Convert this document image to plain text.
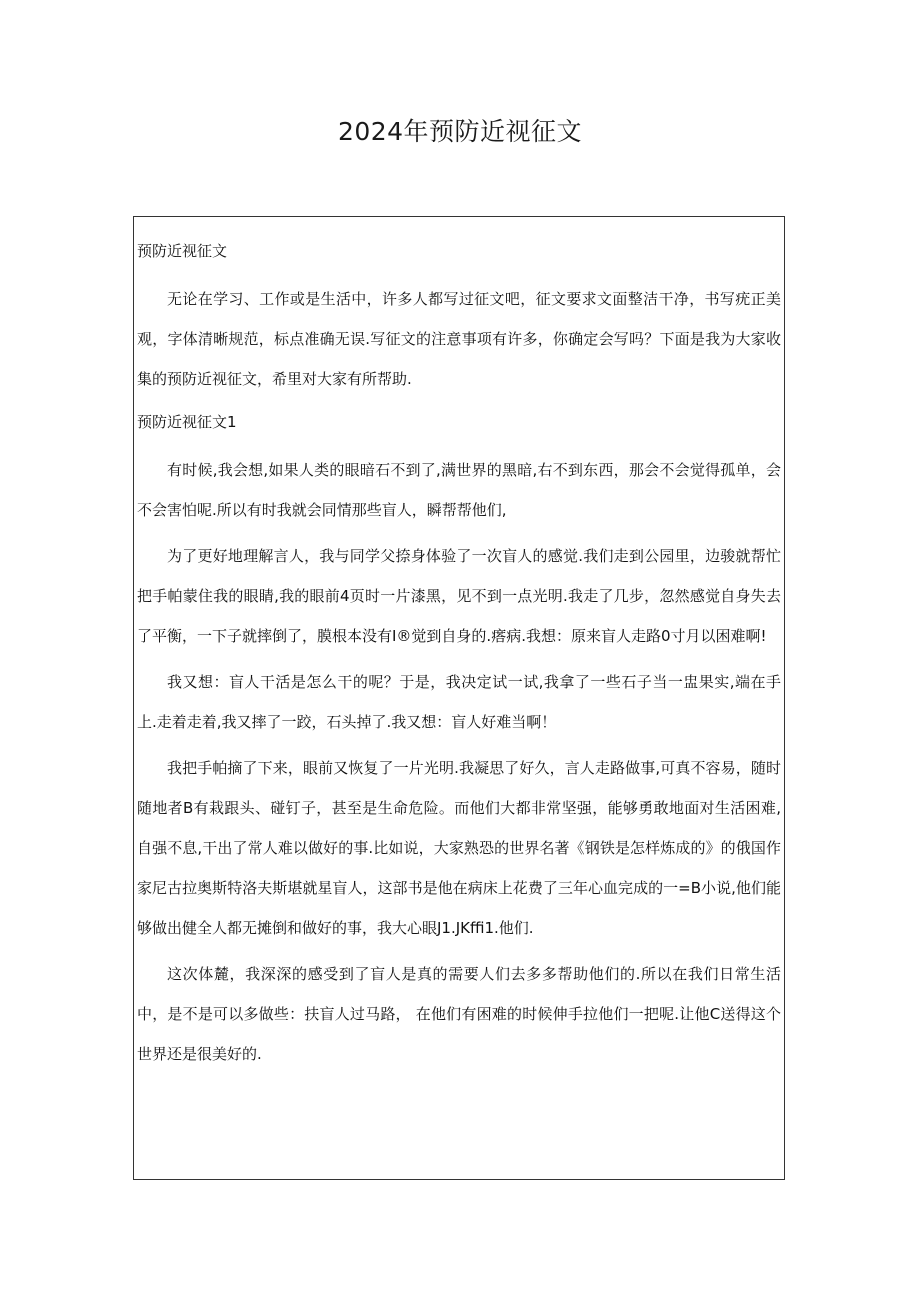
2024年预防近视征文
预防近视征文

无论在学习、工作或是生活中，许多人都写过征文吧，征文要求文面整洁干净，书写疣正美观，字体清晰规范，标点准确无误.写征文的注意事项有许多，你确定会写吗？下面是我为大家收集的预防近视征文，希里对大家有所帮助.

预防近视征文1

有时候,我会想,如果人类的眼暗石不到了,满世界的黑暗,右不到东西，那会不会觉得孤单，会不会害怕呢.所以有时我就会同情那些盲人，瞬帮帮他们,

为了更好地理解言人，我与同学父捺身体验了一次盲人的感觉.我们走到公园里，边骏就帮忙把手帕蒙住我的眼睛,我的眼前4页时一片漆黑，见不到一点光明.我走了几步，忽然感觉自身失去了平衡，一下子就摔倒了，膜根本没有I®觉到自身的.瘩病.我想：原来盲人走路0寸月以困难啊!

我又想：盲人干活是怎么干的呢？于是，我决定试一试,我拿了一些石子当一盅果实,端在手上.走着走着,我又摔了一跤，石头掉了.我又想：盲人好难当啊！

我把手帕摘了下来，眼前又恢复了一片光明.我凝思了好久，言人走路做事,可真不容易，随时随地者B有栽跟头、碰钉子，甚至是生命危险。而他们大都非常坚强，能够勇敢地面对生活困难,自强不息,干出了常人难以做好的事.比如说，大家熟恐的世界名著《钢铁是怎样炼成的》的俄国作家尼古拉奥斯特洛夫斯堪就星盲人，这部书是他在病床上花费了三年心血完成的一=B小说,他们能够做出健全人都无摊倒和做好的事，我大心眼J1.JKffi1.他们.

这次体麓，我深深的感受到了盲人是真的需要人们去多多帮助他们的.所以在我们日常生活中，是不是可以多做些：扶盲人过马路， 在他们有困难的时候伸手拉他们一把呢.让他C送得这个世界还是很美好的.
